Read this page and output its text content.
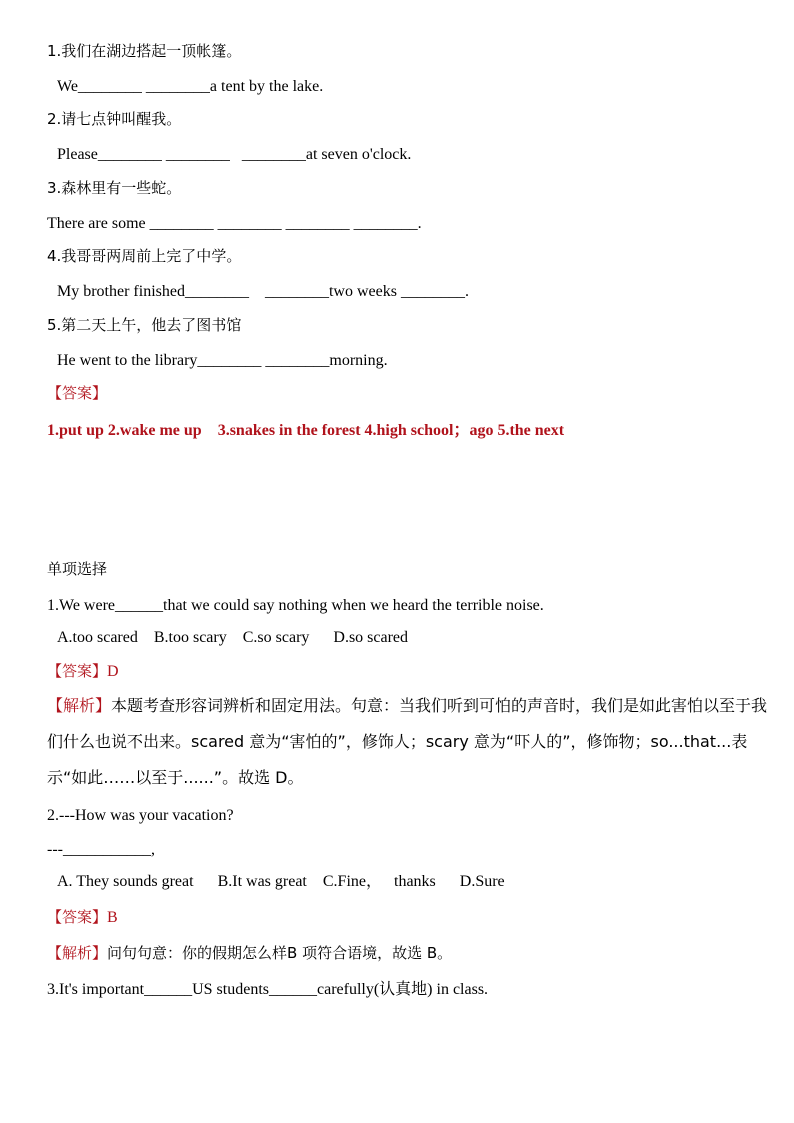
1.我们在湖边搭起一顶帐篷。
We________ ________a tent by the lake.
2.请七点钟叫醒我。
Please________ ________   ________at seven o'clock.
3.森林里有一些蛇。
There are some ________ ________ ________ ________.
4.我哥哥两周前上完了中学。
My brother finished________    ________two weeks ________.
5.第二天上午，他去了图书馆
He went to the library________ ________morning.
【答案】
1.put up 2.wake me up    3.snakes in the forest 4.high school；ago 5.the next
单项选择
1.We were______that we could say nothing when we heard the terrible noise.
A.too scared    B.too scary    C.so scary      D.so scared
【答案】D
【解析】本题考查形容词辨析和固定用法。句意：当我们听到可怕的声音时，我们是如此害怕以至于我们什么也说不出来。scared 意为“害怕的”，修饰人；scary 意为“吓人的”，修饰物；so...that...表示“如此……以至于......”。故选 D。
2.---How was your vacation?
---___________,
A. They sounds great      B.It was great    C.Fine，   thanks      D.Sure
【答案】B
【解析】问句句意：你的假期怎么样B 项符合语境，故选 B。
3.It's important______US students______carefully(认真地) in class.
